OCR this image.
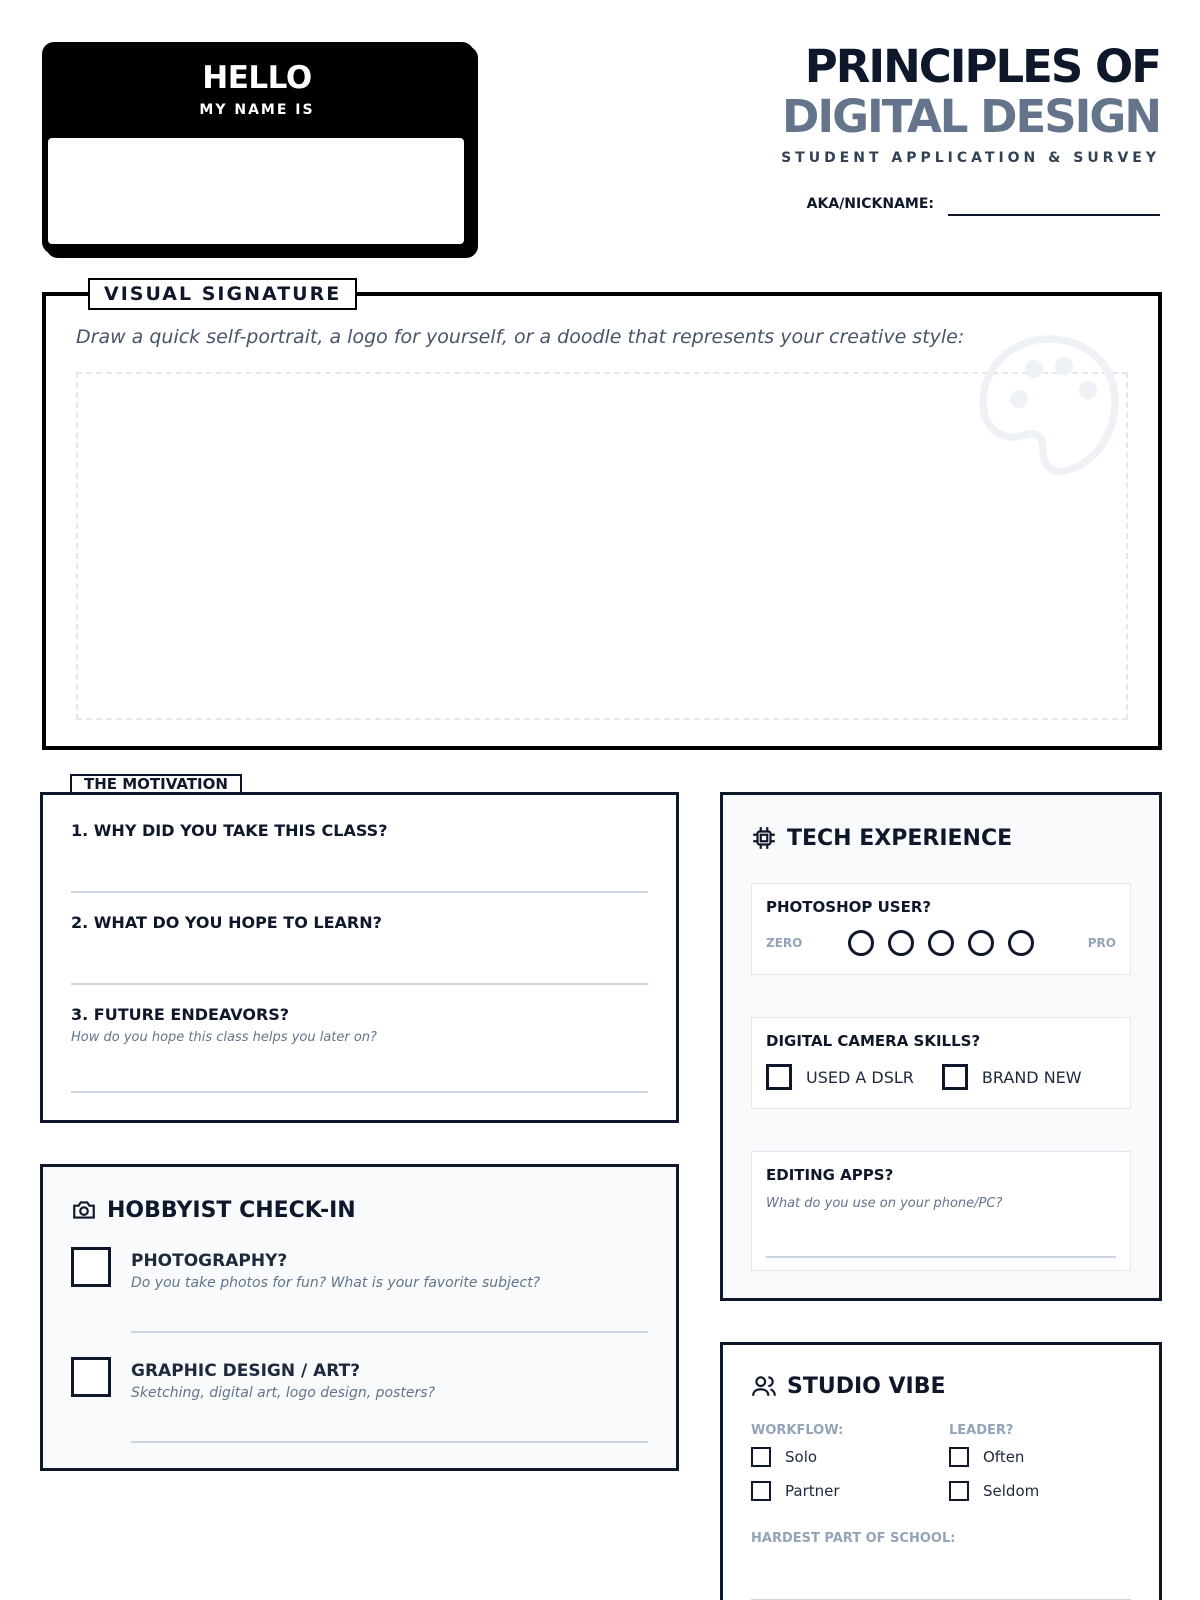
HELLO
MY NAME IS
PRINCIPLES OF
DIGITAL DESIGN
STUDENT APPLICATION & SURVEY
AKA/NICKNAME:
VISUAL SIGNATURE
Draw a quick self-portrait, a logo for yourself, or a doodle that represents your creative style:
THE MOTIVATION
1. WHY DID YOU TAKE THIS CLASS?
2. WHAT DO YOU HOPE TO LEARN?
3. FUTURE ENDEAVORS?
How do you hope this class helps you later on?
TECH EXPERIENCE
PHOTOSHOP USER?
ZERO	PRO
DIGITAL CAMERA SKILLS?
USED A DSLR	BRAND NEW
EDITING APPS?
What do you use on your phone/PC?
HOBBYIST CHECK-IN
PHOTOGRAPHY?
Do you take photos for fun? What is your favorite subject?
GRAPHIC DESIGN / ART?
Sketching, digital art, logo design, posters?	STUDIO VIBE
WORKFLOW:
Solo
Partner
LEADER?
Often
Seldom
HARDEST PART OF SCHOOL:
